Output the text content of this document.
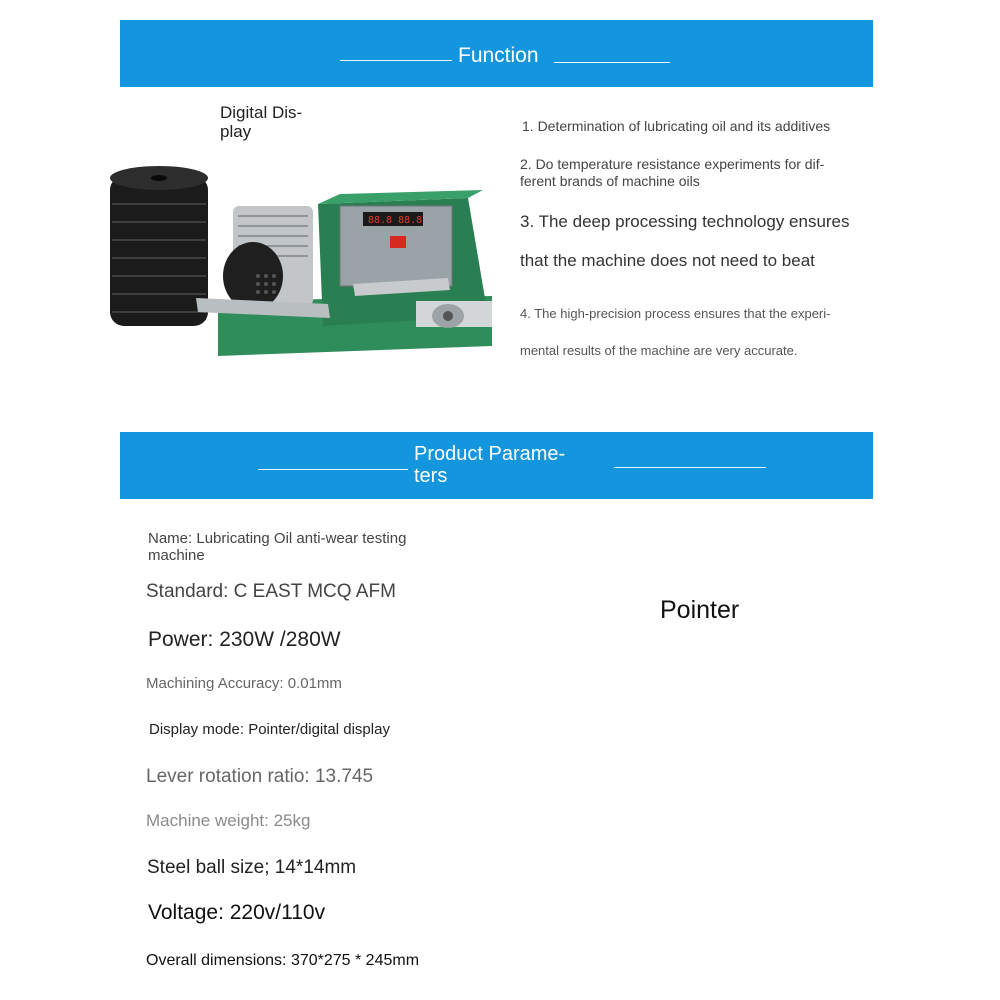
Function
Digital Dis-
play
88.8 88.8
1. Determination of lubricating oil and its additives
2. Do temperature resistance experiments for dif-
ferent brands of machine oils
3. The deep processing technology ensures
that the machine does not need to beat
4. The high-precision process ensures that the experi-
mental results of the machine are very accurate.
Product Parame-
ters
Pointer
Name: Lubricating Oil anti-wear testing
machine
Standard: C EAST MCQ AFM
Power: 230W /280W
Machining Accuracy: 0.01mm
Display mode: Pointer/digital display
Lever rotation ratio: 13.745
Machine weight: 25kg
Steel ball size; 14*14mm
Voltage: 220v/110v
Overall dimensions: 370*275 * 245mm
